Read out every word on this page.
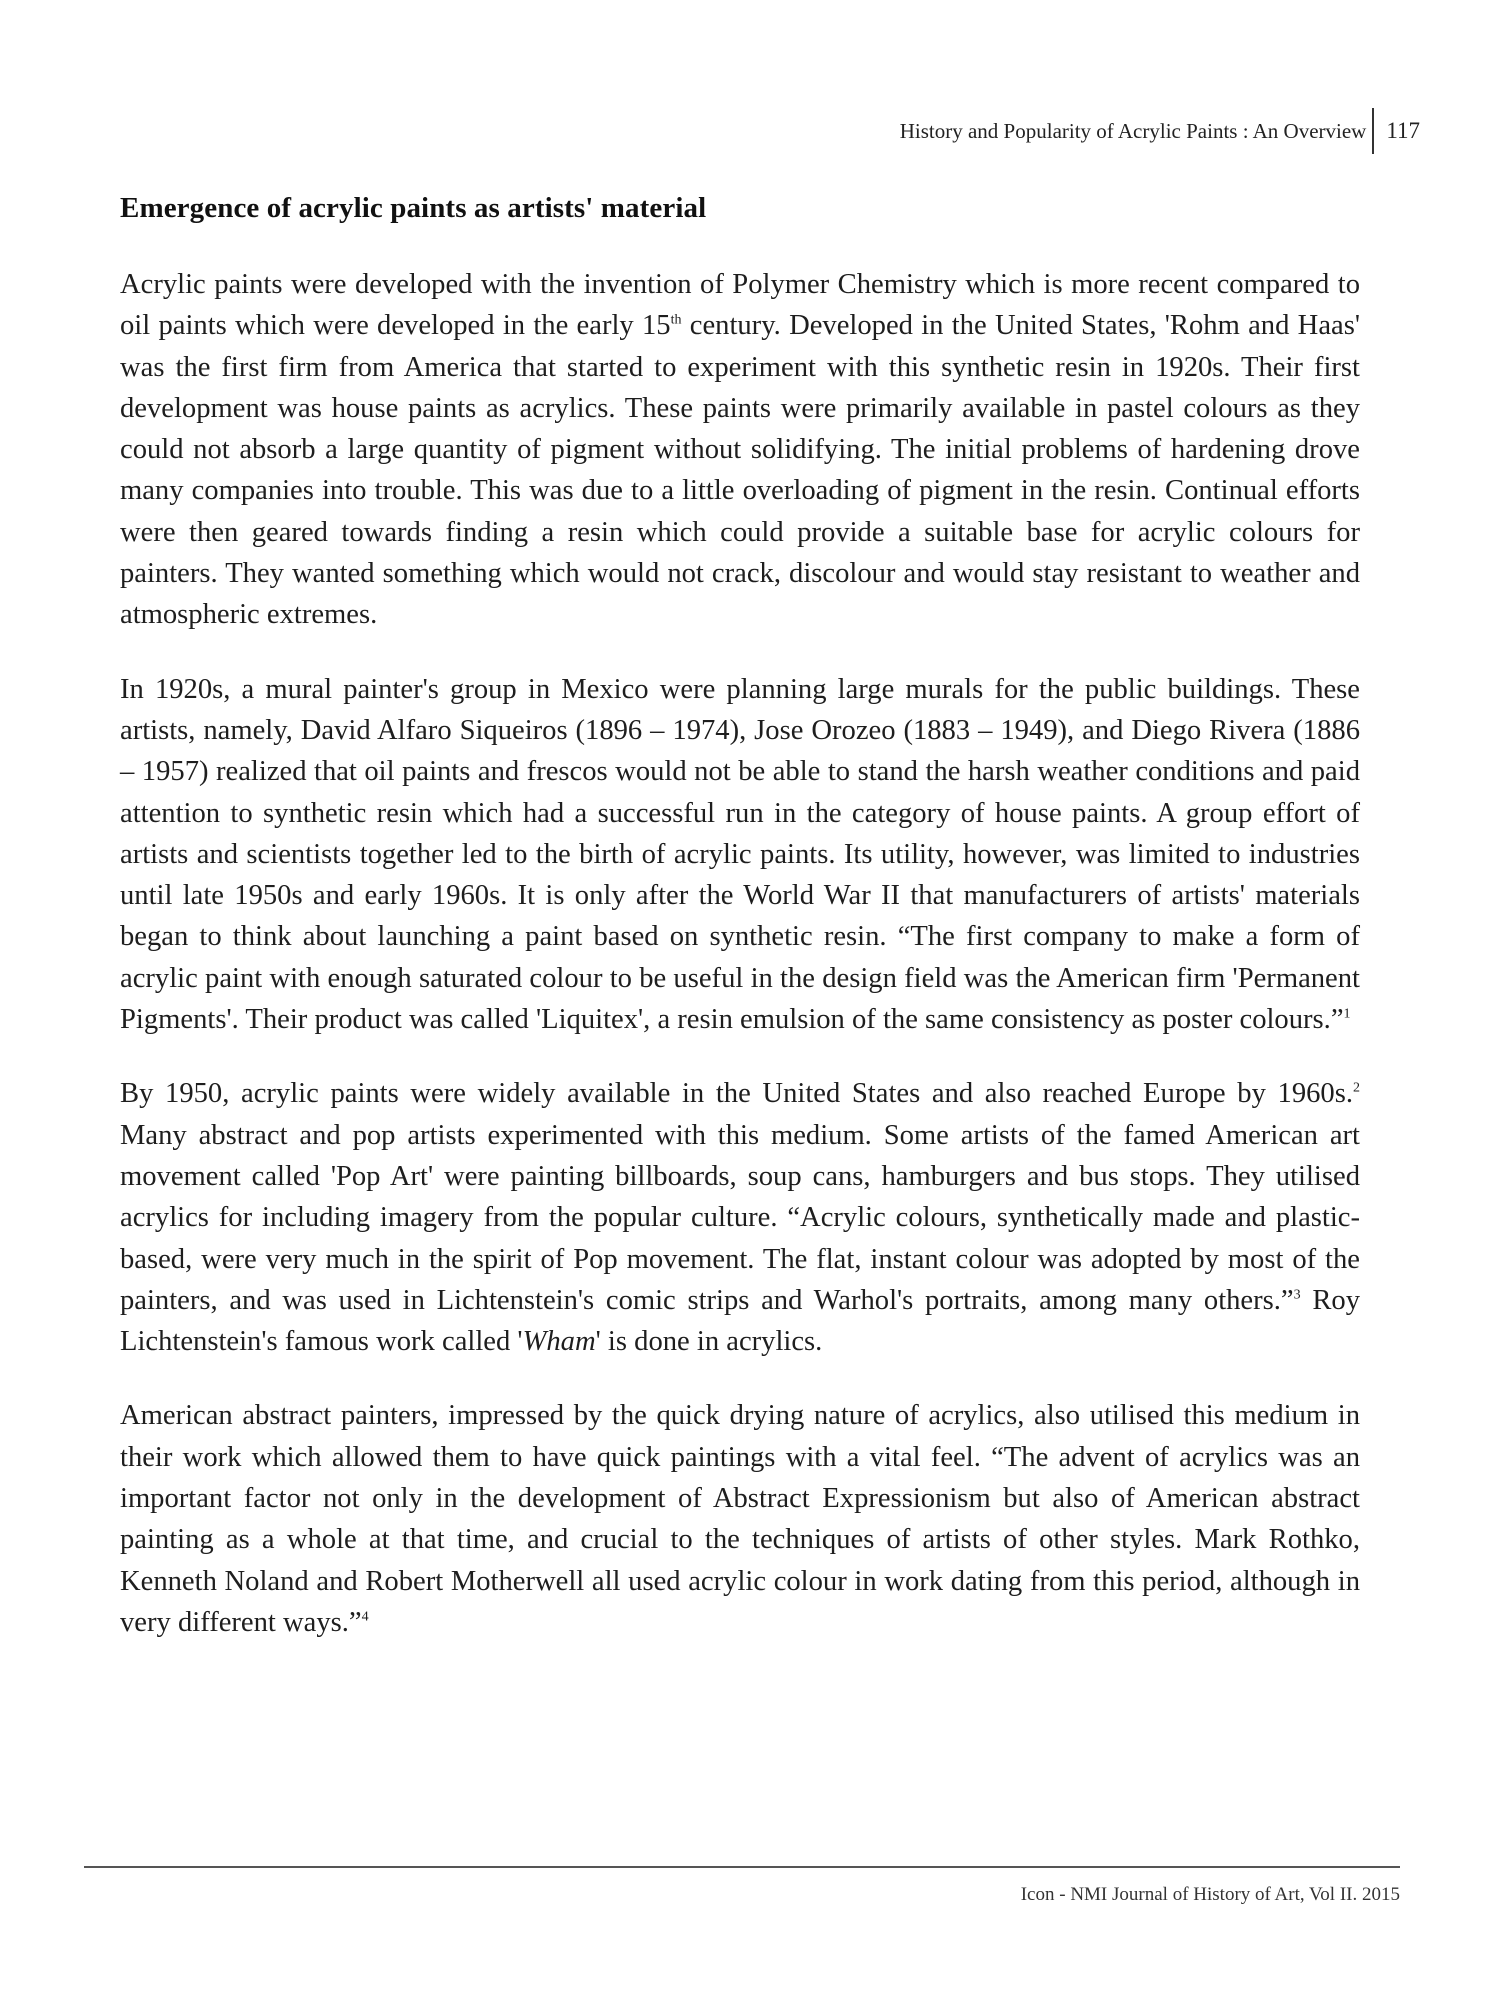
History and Popularity of Acrylic Paints : An Overview 117
Emergence of acrylic paints as artists' material

Acrylic paints were developed with the invention of Polymer Chemistry which is more recent compared to oil paints which were developed in the early 15th century. Developed in the United States, 'Rohm and Haas' was the first firm from America that started to experiment with this synthetic resin in 1920s. Their first development was house paints as acrylics. These paints were primarily available in pastel colours as they could not absorb a large quantity of pigment without solidifying. The initial problems of hardening drove many companies into trouble. This was due to a little overloading of pigment in the resin. Continual efforts were then geared towards finding a resin which could provide a suitable base for acrylic colours for painters. They wanted something which would not crack, discolour and would stay resistant to weather and atmospheric extremes.

In 1920s, a mural painter's group in Mexico were planning large murals for the public buildings. These artists, namely, David Alfaro Siqueiros (1896 – 1974), Jose Orozeo (1883 – 1949), and Diego Rivera (1886 – 1957) realized that oil paints and frescos would not be able to stand the harsh weather conditions and paid attention to synthetic resin which had a successful run in the category of house paints. A group effort of artists and scientists together led to the birth of acrylic paints. Its utility, however, was limited to industries until late 1950s and early 1960s. It is only after the World War II that manufacturers of artists' materials began to think about launching a paint based on synthetic resin. “The first company to make a form of acrylic paint with enough saturated colour to be useful in the design field was the American firm 'Permanent Pigments'. Their product was called 'Liquitex', a resin emulsion of the same consistency as poster colours.”$^1$

By 1950, acrylic paints were widely available in the United States and also reached Europe by 1960s.$^2$ Many abstract and pop artists experimented with this medium. Some artists of the famed American art movement called 'Pop Art' were painting billboards, soup cans, hamburgers and bus stops. They utilised acrylics for including imagery from the popular culture. “Acrylic colours, synthetically made and plastic-based, were very much in the spirit of Pop movement. The flat, instant colour was adopted by most of the painters, and was used in Lichtenstein's comic strips and Warhol's portraits, among many others.”$^3$ Roy Lichtenstein's famous work called 'Wham' is done in acrylics.

American abstract painters, impressed by the quick drying nature of acrylics, also utilised this medium in their work which allowed them to have quick paintings with a vital feel. “The advent of acrylics was an important factor not only in the development of Abstract Expressionism but also of American abstract painting as a whole at that time, and crucial to the techniques of artists of other styles. Mark Rothko, Kenneth Noland and Robert Motherwell all used acrylic colour in work dating from this period, although in very different ways.”$^4$

Icon - NMI Journal of History of Art, Vol II. 2015
